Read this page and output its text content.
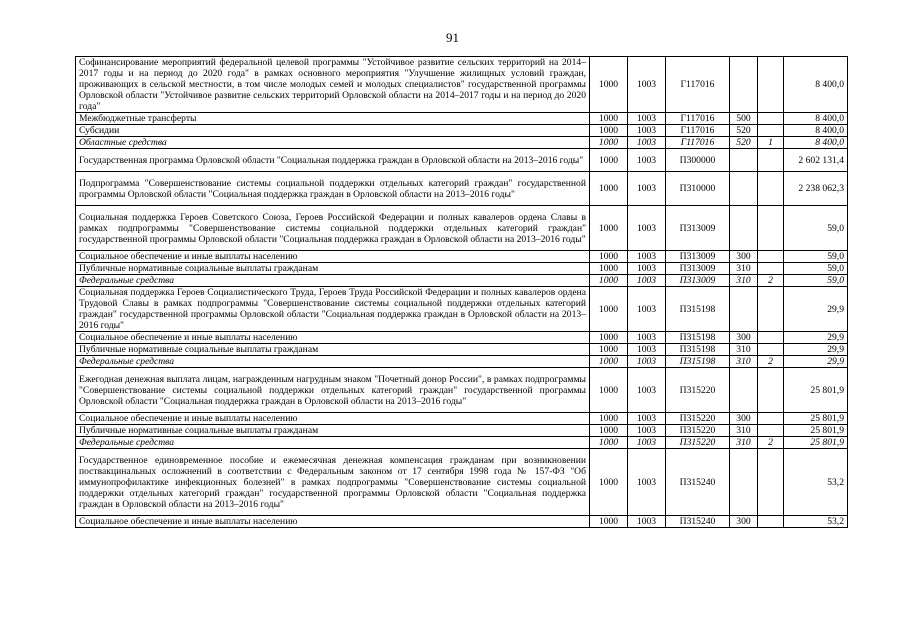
91
Софинансирование мероприятий федеральной целевой программы "Устойчивое развитие сельских территорий на 2014–2017 годы и на период до 2020 года" в рамках основного мероприятия "Улучшение жилищных условий граждан, проживающих в сельской местности, в том числе молодых семей и молодых специалистов" государственной программы Орловской области "Устойчивое развитие сельских территорий Орловской области на 2014–2017 годы и на период до 2020 года"	1000	1003	Г117016			8 400,0
Межбюджетные трансферты	1000	1003	Г117016	500		8 400,0
Субсидии	1000	1003	Г117016	520		8 400,0
Областные средства	1000	1003	Г117016	520	1	8 400,0
Государственная программа Орловской области "Социальная поддержка граждан в Орловской области на 2013–2016 годы"	1000	1003	П300000			2 602 131,4
Подпрограмма "Совершенствование системы социальной поддержки отдельных категорий граждан" государственной программы Орловской области "Социальная поддержка граждан в Орловской области на 2013–2016 годы"	1000	1003	П310000			2 238 062,3
Социальная поддержка Героев Советского Союза, Героев Российской Федерации и полных кавалеров ордена Славы в рамках подпрограммы "Совершенствование системы социальной поддержки отдельных категорий граждан" государственной программы Орловской области "Социальная поддержка граждан в Орловской области на 2013–2016 годы"	1000	1003	П313009			59,0
Социальное обеспечение и иные выплаты населению	1000	1003	П313009	300		59,0
Публичные нормативные социальные выплаты гражданам	1000	1003	П313009	310		59,0
Федеральные средства	1000	1003	П313009	310	2	59,0
Социальная поддержка Героев Социалистического Труда, Героев Труда Российской Федерации и полных кавалеров ордена Трудовой Славы в рамках подпрограммы "Совершенствование системы социальной поддержки отдельных категорий граждан" государственной программы Орловской области "Социальная поддержка граждан в Орловской области на 2013–2016 годы"	1000	1003	П315198			29,9
Социальное обеспечение и иные выплаты населению	1000	1003	П315198	300		29,9
Публичные нормативные социальные выплаты гражданам	1000	1003	П315198	310		29,9
Федеральные средства	1000	1003	П315198	310	2	29,9
Ежегодная денежная выплата лицам, награжденным нагрудным знаком "Почетный донор России", в рамках подпрограммы "Совершенствование системы социальной поддержки отдельных категорий граждан" государственной программы Орловской области "Социальная поддержка граждан в Орловской области на 2013–2016 годы"	1000	1003	П315220			25 801,9
Социальное обеспечение и иные выплаты населению	1000	1003	П315220	300		25 801,9
Публичные нормативные социальные выплаты гражданам	1000	1003	П315220	310		25 801,9
Федеральные средства	1000	1003	П315220	310	2	25 801,9
Государственное единовременное пособие и ежемесячная денежная компенсация гражданам при возникновении поствакцинальных осложнений в соответствии с Федеральным законом от 17 сентября 1998 года № 157-ФЗ "Об иммунопрофилактике инфекционных болезней" в рамках подпрограммы "Совершенствование системы социальной поддержки отдельных категорий граждан" государственной программы Орловской области "Социальная поддержка граждан в Орловской области на 2013–2016 годы"	1000	1003	П315240			53,2
Социальное обеспечение и иные выплаты населению	1000	1003	П315240	300		53,2
